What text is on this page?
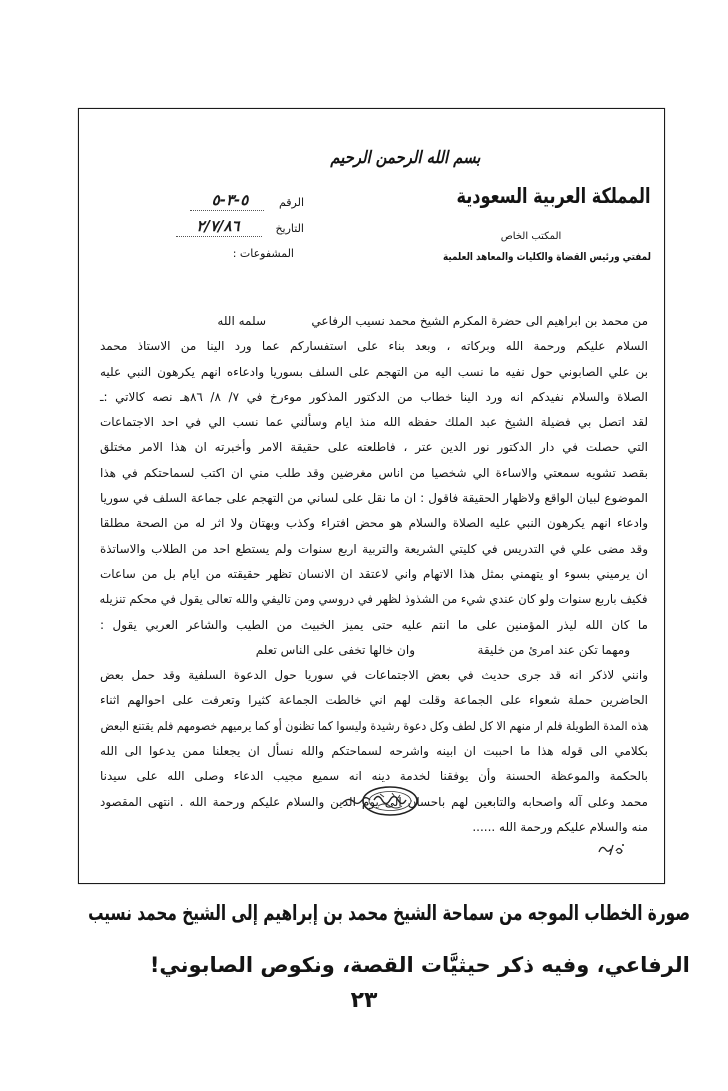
بسم الله الرحمن الرحيم
المملكة العربية السعودية
المكتب الخاص
لمفتي ورئيس القضاة والكليات والمعاهد العلمية
الرقم
٥-٣-٥
التاريخ
٢/٧/٨٦
المشفوعات :
من محمد بن ابراهيم الى حضرة المكرم الشيخ محمد نسيب الرفاعي
سلمه الله
السلام عليكم ورحمة الله وبركاته ، وبعد بناء على استفساركم عما ورد الينا من الاستاذ محمد
بن علي الصابوني حول نفيه ما نسب اليه من التهجم على السلف بسوريا وادعاءه انهم يكرهون النبي عليه
الصلاة والسلام نفيدكم انه ورد الينا خطاب من الدكتور المذكور موءرخ في ٧/ ٨/ ٨٦هـ نصه كالاتي :ـ
لقد اتصل بي فضيلة الشيخ عبد الملك حفظه الله منذ ايام وسألني عما نسب الي في احد الاجتماعات
التي حصلت في دار الدكتور نور الدين عتر ، فاطلعته على حقيقة الامر وأخبرته ان هذا الامر مختلق
بقصد تشويه سمعتي والاساءة الي شخصيا من اناس مغرضين وقد طلب مني ان اكتب لسماحتكم في هذا
الموضوع لبيان الواقع ولاظهار الحقيقة فاقول : ان ما نقل على لساني من التهجم على جماعة السلف في سوريا
وادعاء انهم يكرهون النبي عليه الصلاة والسلام هو محض افتراء وكذب وبهتان ولا اثر له من الصحة مطلقا
وقد مضى علي في التدريس في كليتي الشريعة والتربية اربع سنوات ولم يستطع احد من الطلاب والاساتذة
ان يرميني بسوء او يتهمني بمثل هذا الاتهام واني لاعتقد ان الانسان تظهر حقيقته من ايام بل من ساعات
فكيف باربع سنوات ولو كان عندي شيء من الشذوذ لظهر في دروسي ومن تاليفي والله تعالى يقول في محكم تنزيله
ما كان الله ليذر المؤمنين على ما انتم عليه حتى يميز الخبيث من الطيب والشاعر العربي يقول :
ومهما تكن عند امرئ من خليقة
وان خالها تخفى على الناس تعلم
وانني لاذكر انه قد جرى حديث في بعض الاجتماعات في سوريا حول الدعوة السلفية وقد حمل بعض
الحاضرين حملة شعواء على الجماعة وقلت لهم اني خالطت الجماعة كثيرا وتعرفت على احوالهم اثناء
هذه المدة الطويلة فلم ار منهم الا كل لطف وكل دعوة رشيدة وليسوا كما تظنون أو كما يرميهم خصومهم فلم يقتنع البعض
بكلامي الى قوله هذا ما احببت ان ابينه واشرحه لسماحتكم والله نسأل ان يجعلنا ممن يدعوا الى الله
بالحكمة والموعظة الحسنة وأن يوفقنا لخدمة دينه انه سميع مجيب الدعاء وصلى الله على سيدنا
محمد وعلى آله واصحابه والتابعين لهم باحسان الى يوم الدين والسلام عليكم ورحمة الله . انتهى المقصود
منه والسلام عليكم ورحمة الله ......
صورة الخطاب الموجه من سماحة الشيخ محمد بن إبراهيم إلى الشيخ محمد نسيب
الرفاعي، وفيه ذكر حيثيَّات القصة، ونكوص الصابوني!
٢٣
